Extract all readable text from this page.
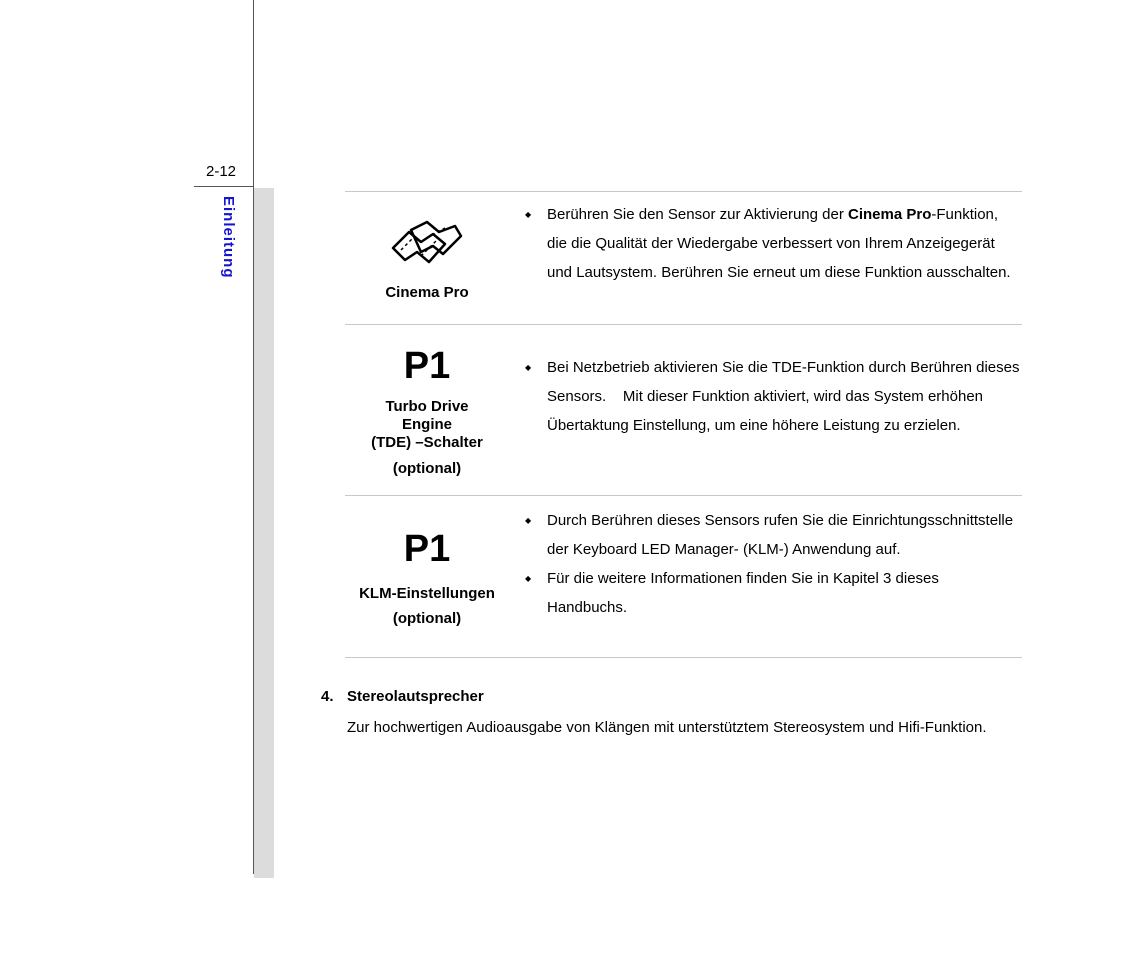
2-12
Einleitung
Cinema Pro
◆ Berühren Sie den Sensor zur Aktivierung der Cinema Pro-Funktion, die die Qualität der Wiedergabe verbessert von Ihrem Anzeigegerät und Lautsystem. Berühren Sie erneut um diese Funktion ausschalten.
P1
Turbo Drive
Engine
(TDE) –Schalter
(optional)
◆ Bei Netzbetrieb aktivieren Sie die TDE-Funktion durch Berühren dieses Sensors.    Mit dieser Funktion aktiviert, wird das System erhöhen Übertaktung Einstellung, um eine höhere Leistung zu erzielen.
P1
KLM-Einstellungen
(optional)
◆ Durch Berühren dieses Sensors rufen Sie die Einrichtungsschnittstelle der Keyboard LED Manager- (KLM-) Anwendung auf.
◆ Für die weitere Informationen finden Sie in Kapitel 3 dieses Handbuchs.
4. Stereolautsprecher
Zur hochwertigen Audioausgabe von Klängen mit unterstütztem Stereosystem und Hifi-Funktion.
